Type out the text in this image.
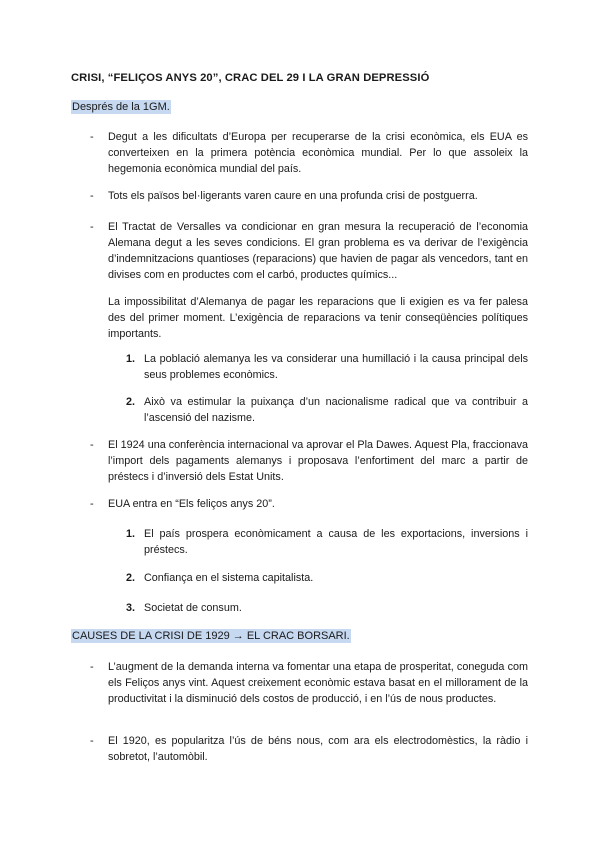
CRISI, “FELIÇOS ANYS 20”, CRAC DEL 29 I LA GRAN DEPRESSIÓ
Després de la 1GM.
- Degut a les dificultats d’Europa per recuperarse de la crisi econòmica, els EUA es converteixen en la primera potència econòmica mundial. Per lo que assoleix la hegemonia econòmica mundial del país.
- Tots els països bel·ligerants varen caure en una profunda crisi de postguerra.
- El Tractat de Versalles va condicionar en gran mesura la recuperació de l’economia Alemana degut a les seves condicions. El gran problema es va derivar de l’exigència d’indemnitzacions quantioses (reparacions) que havien de pagar als vencedors, tant en divises com en productes com el carbó, productes químics...
La impossibilitat d’Alemanya de pagar les reparacions que li exigien es va fer palesa des del primer moment. L’exigència de reparacions va tenir conseqüències polítiques importants.
1. La població alemanya les va considerar una humillació i la causa principal dels seus problemes econòmics.
2. Això va estimular la puixança d’un nacionalisme radical que va contribuir a l’ascensió del nazisme.
- El 1924 una conferència internacional va aprovar el Pla Dawes. Aquest Pla, fraccionava l’import dels pagaments alemanys i proposava l’enfortiment del marc a partir de préstecs i d’inversió dels Estat Units.
- EUA entra en “Els feliços anys 20”.
1. El país prospera econòmicament a causa de les exportacions, inversions i préstecs.
2. Confiança en el sistema capitalista.
3. Societat de consum.
CAUSES DE LA CRISI DE 1929 → EL CRAC BORSARI.
- L’augment de la demanda interna va fomentar una etapa de prosperitat, coneguda com els Feliços anys vint. Aquest creixement econòmic estava basat en el millorament de la productivitat i la disminució dels costos de producció, i en l’ús de nous productes.
- El 1920, es popularitza l’ús de béns nous, com ara els electrodomèstics, la ràdio i sobretot, l’automòbil.
